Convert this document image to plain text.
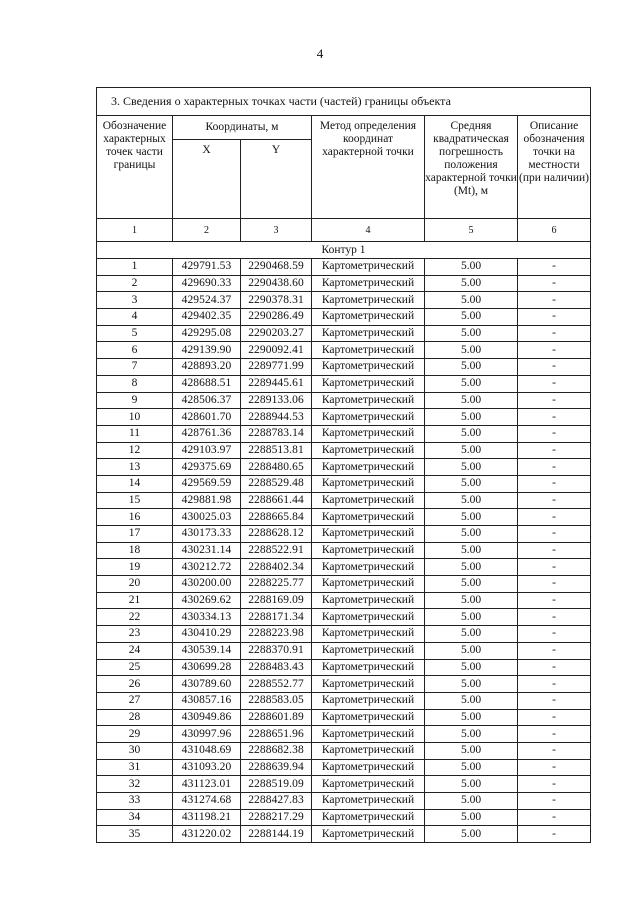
4
3. Сведения о характерных точках части (частей) границы объекта					
Обозначение характерных точек части границы	Координаты, м		Метод определения координат характерной точки	Средняя квадратическая погрешность положения характерной точки (Mt), м	Описание обозначения точки на местности (при наличии)
	X	Y			
1	2	3	4	5	6
Контур 1					
1	429791.53	2290468.59	Картометрический	5.00	-
2	429690.33	2290438.60	Картометрический	5.00	-
3	429524.37	2290378.31	Картометрический	5.00	-
4	429402.35	2290286.49	Картометрический	5.00	-
5	429295.08	2290203.27	Картометрический	5.00	-
6	429139.90	2290092.41	Картометрический	5.00	-
7	428893.20	2289771.99	Картометрический	5.00	-
8	428688.51	2289445.61	Картометрический	5.00	-
9	428506.37	2289133.06	Картометрический	5.00	-
10	428601.70	2288944.53	Картометрический	5.00	-
11	428761.36	2288783.14	Картометрический	5.00	-
12	429103.97	2288513.81	Картометрический	5.00	-
13	429375.69	2288480.65	Картометрический	5.00	-
14	429569.59	2288529.48	Картометрический	5.00	-
15	429881.98	2288661.44	Картометрический	5.00	-
16	430025.03	2288665.84	Картометрический	5.00	-
17	430173.33	2288628.12	Картометрический	5.00	-
18	430231.14	2288522.91	Картометрический	5.00	-
19	430212.72	2288402.34	Картометрический	5.00	-
20	430200.00	2288225.77	Картометрический	5.00	-
21	430269.62	2288169.09	Картометрический	5.00	-
22	430334.13	2288171.34	Картометрический	5.00	-
23	430410.29	2288223.98	Картометрический	5.00	-
24	430539.14	2288370.91	Картометрический	5.00	-
25	430699.28	2288483.43	Картометрический	5.00	-
26	430789.60	2288552.77	Картометрический	5.00	-
27	430857.16	2288583.05	Картометрический	5.00	-
28	430949.86	2288601.89	Картометрический	5.00	-
29	430997.96	2288651.96	Картометрический	5.00	-
30	431048.69	2288682.38	Картометрический	5.00	-
31	431093.20	2288639.94	Картометрический	5.00	-
32	431123.01	2288519.09	Картометрический	5.00	-
33	431274.68	2288427.83	Картометрический	5.00	-
34	431198.21	2288217.29	Картометрический	5.00	-
35	431220.02	2288144.19	Картометрический	5.00	-
